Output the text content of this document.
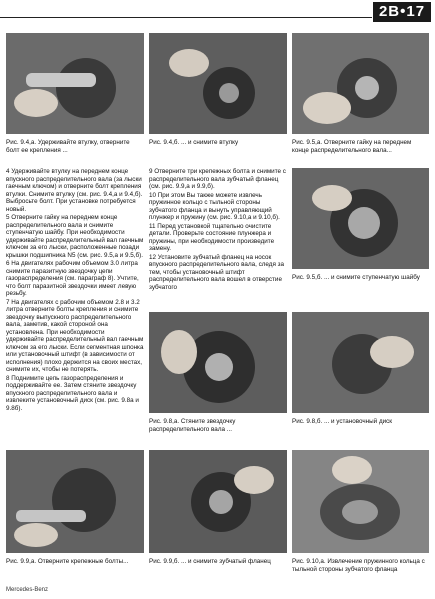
2B•17
Рис. 9.4,а. Удерживайте втулку, отверните болт ее крепления ...
Рис. 9.4,б. ... и снимите втулку	Рис. 9.5,а. Отверните гайку на переднем конце распределительного вала...

4 Удерживайте втулку на переднем конце впускного распределительного вала (за лыски гаечным ключом) и отверните болт крепления втулки. Снимите втулку (см. рис. 9.4,а и 9.4,б). Выбросьте болт. При установке потребуется новый.

5 Отверните гайку на переднем конце распределительного вала и снимите ступенчатую шайбу. При необходимости удерживайте распределительный вал гаечным ключом за его лыски, расположенные позади крышки подшипника N5 (см. рис. 9.5,а и 9.5,б).

6 На двигателях рабочим объемом 3.0 литра снимите паразитную звездочку цепи газораспределения (см. параграф 8). Учтите, что болт паразитной звездочки имеет левую резьбу.

7 На двигателях с рабочим объемом 2.8 и 3.2 литра отверните болты крепления и снимите звездочку выпускного распределительного вала, заметив, какой стороной она установлена. При необходимости удерживайте распределительный вал гаечным ключом за его лыски. Если сегментная шпонка или установочный штифт (в зависимости от исполнения) плохо держится на своих местах, снимите их, чтобы не потерять.

8 Поднимите цепь газораспределения и поддерживайте ее. Затем стяните звездочку впускного распределительного вала и извлеките установочный диск (см. рис. 9.8а и 9.8б).

9 Отверните три крепежных болта и снимите с распределительного вала зубчатый фланец (см. рис. 9.9,а и 9.9,б).

10 При этом Вы также можете извлечь пружинное кольцо с тыльной стороны зубчатого фланца и вынуть управляющий плунжер и пружину (см. рис. 9.10,а и 9.10,б).

11 Перед установкой тщательно очистите детали. Проверьте состояние плунжера и пружины, при необходимости произведите замену.

12 Установите зубчатый фланец на носок впускного распределительного вала, следя за тем, чтобы установочный штифт распределительного вала вошел в отверстие зубчатого

Рис. 9.5,б. ... и снимите ступенчатую шайбу
Рис. 9.8,а. Стяните звездочку распределительного вала ...
Рис. 9.8,б. ... и установочный диск
Рис. 9.9,а. Отверните крепежные болты...	Рис. 9.9,б. ... и снимите зубчатый фланец	Рис. 9.10,а. Извлечение пружинного кольца с тыльной стороны зубчатого фланца
Mercedes-Benz
